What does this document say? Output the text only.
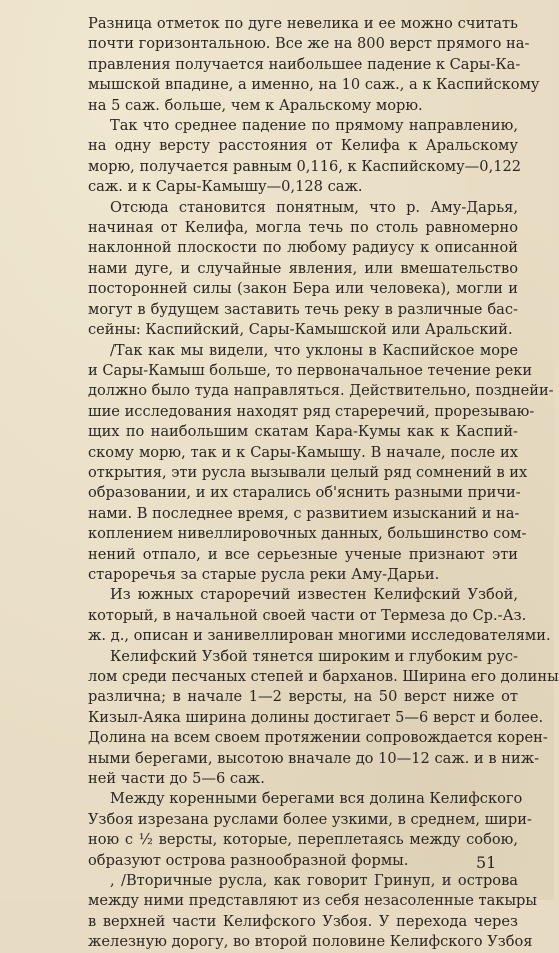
Разница отметок по дуге невелика и ее можно считать
почти горизонтальною. Все же на 800 верст прямого на-
правления получается наибольшее падение к Сары-Ка-
мышской впадине, а именно, на 10 саж., а к Каспийскому
на 5 саж. больше, чем к Аральскому морю.
Так что среднее падение по прямому направлению,
на одну версту расстояния от Келифа к Аральскому
морю, получается равным 0,116, к Каспийскому—0,122
саж. и к Сары-Камышу—0,128 саж.
Отсюда становится понятным, что р. Аму-Дарья,
начиная от Келифа, могла течь по столь равномерно
наклонной плоскости по любому радиусу к описанной
нами дуге, и случайные явления, или вмешательство
посторонней силы (закон Бера или человека), могли и
могут в будущем заставить течь реку в различные бас-
сейны: Каспийский, Сары-Камышской или Аральский.
/Так как мы видели, что уклоны в Каспийское море
и Сары-Камыш больше, то первоначальное течение реки
должно было туда направляться. Действительно, позднейи-
шие исследования находят ряд стареречий, прорезываю-
щих по наибольшим скатам Кара-Кумы как к Каспий-
скому морю, так и к Сары-Камышу. В начале, после их
открытия, эти русла вызывали целый ряд сомнений в их
образовании, и их старались об'яснить разными причи-
нами. В последнее время, с развитием изысканий и на-
коплением нивеллировочных данных, большинство сом-
нений отпало, и все серьезные ученые признают эти
староречья за старые русла реки Аму-Дарьи.
Из южных староречий известен Келифский Узбой,
который, в начальной своей части от Термеза до Ср.-Аз.
ж. д., описан и занивеллирован многими исследователями.
Келифский Узбой тянется широким и глубоким рус-
лом среди песчаных степей и барханов. Ширина его долины
различна; в начале 1—2 версты, на 50 верст ниже от
Кизыл-Аяка ширина долины достигает 5—6 верст и более.
Долина на всем своем протяжении сопровождается корен-
ными берегами, высотою вначале до 10—12 саж. и в ниж-
ней части до 5—6 саж.
Между коренными берегами вся долина Келифского
Узбоя изрезана руслами более узкими, в среднем, шири-
ною с ½ версты, которые, переплетаясь между собою,
образуют острова разнообразной формы.
, /Вторичные русла, как говорит Гринуп, и острова
между ними представляют из себя незасоленные такыры
в верхней части Келифского Узбоя. У перехода через
железную дорогу, во второй половине Келифского Узбоя
51
